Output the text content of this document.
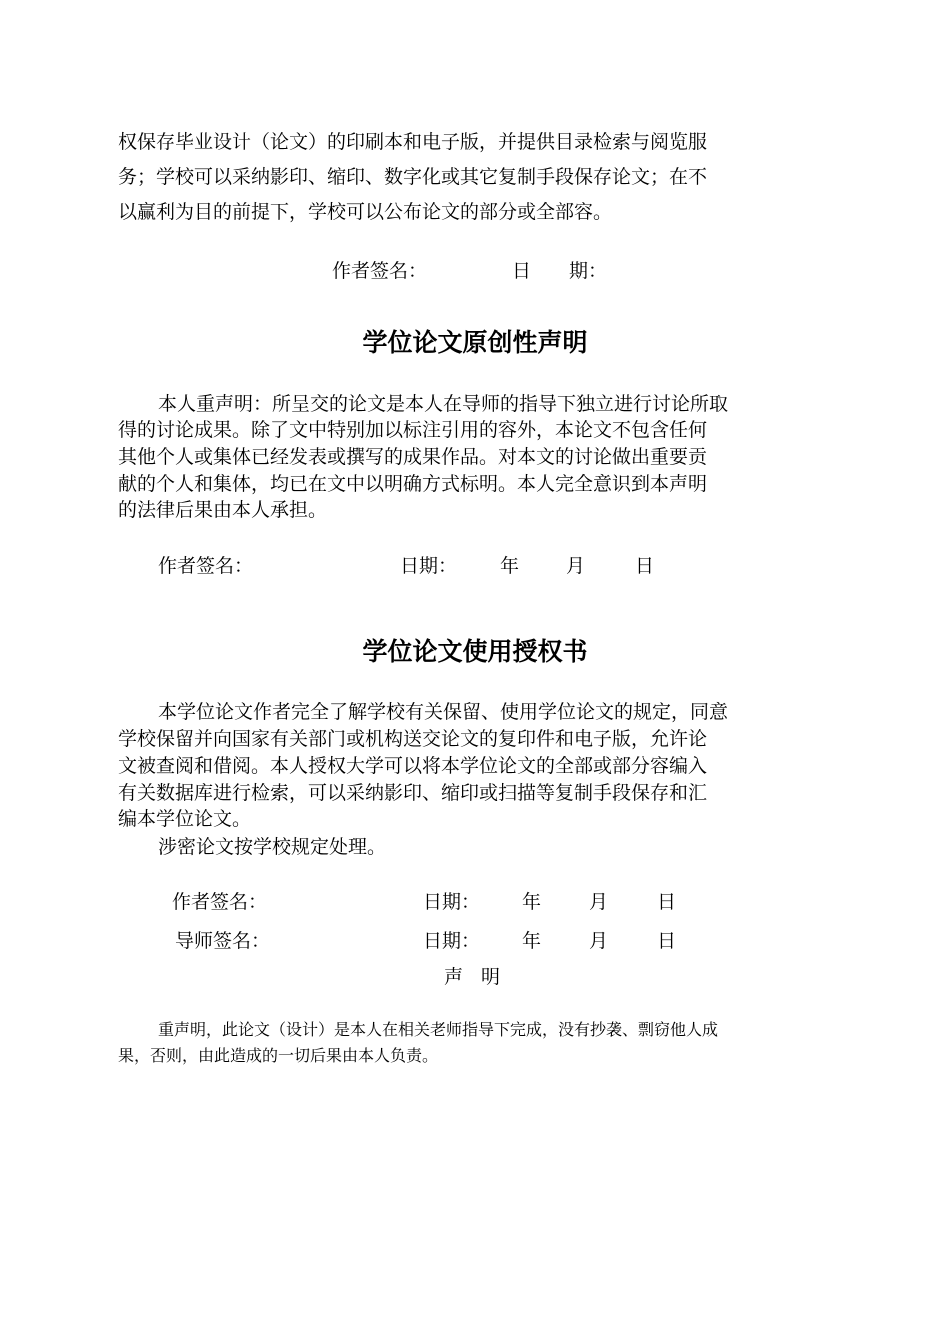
权保存毕业设计（论文）的印刷本和电子版，并提供目录检索与阅览服
务；学校可以采纳影印、缩印、数字化或其它复制手段保存论文；在不
以赢利为目的前提下，学校可以公布论文的部分或全部容。
作者签名：	日　　期：
学位论文原创性声明
本人重声明：所呈交的论文是本人在导师的指导下独立进行讨论所取
得的讨论成果。除了文中特别加以标注引用的容外，本论文不包含任何
其他个人或集体已经发表或撰写的成果作品。对本文的讨论做出重要贡
献的个人和集体，均已在文中以明确方式标明。本人完全意识到本声明
的法律后果由本人承担。
作者签名：	日期： 年 月	日
学位论文使用授权书
本学位论文作者完全了解学校有关保留、使用学位论文的规定，同意
学校保留并向国家有关部门或机构送交论文的复印件和电子版，允许论
文被查阅和借阅。本人授权大学可以将本学位论文的全部或部分容编入
有关数据库进行检索，可以采纳影印、缩印或扫描等复制手段保存和汇
编本学位论文。
涉密论文按学校规定处理。
作者签名：	日期： 年	月	日
导师签名：	日期： 年	月	日
声 明
重声明，此论文（设计）是本人在相关老师指导下完成，没有抄袭、剽窃他人成
果，否则，由此造成的一切后果由本人负责。
